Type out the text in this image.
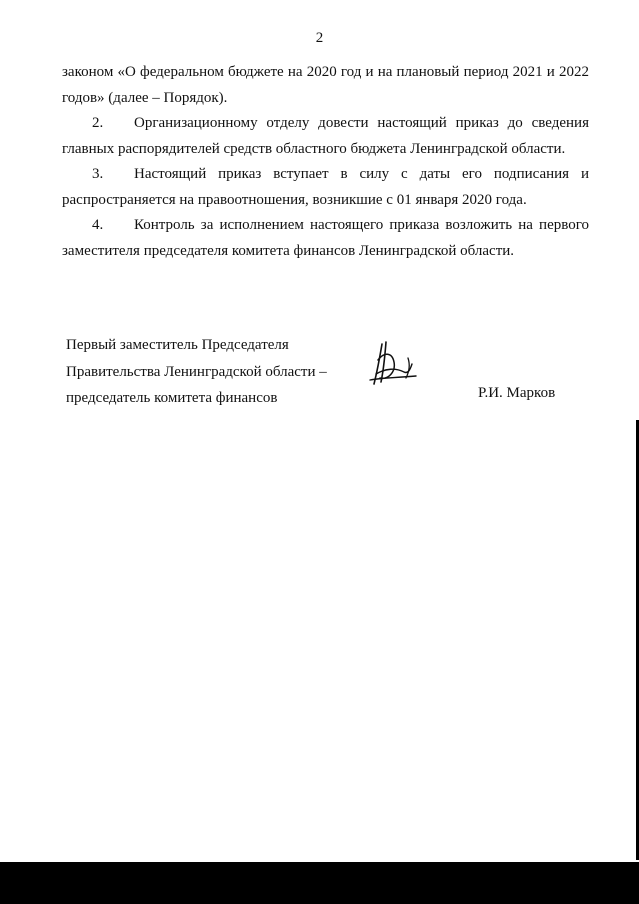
2

законом «О федеральном бюджете на 2020 год и на плановый период 2021 и 2022 годов» (далее – Порядок).

2. Организационному отделу довести настоящий приказ до сведения главных распорядителей средств областного бюджета Ленинградской области.

3. Настоящий приказ вступает в силу с даты его подписания и распространяется на правоотношения, возникшие с 01 января 2020 года.

4. Контроль за исполнением настоящего приказа возложить на первого заместителя председателя комитета финансов Ленинградской области.

Первый заместитель Председателя
Правительства Ленинградской области –
председатель комитета финансов	Р.И. Марков
